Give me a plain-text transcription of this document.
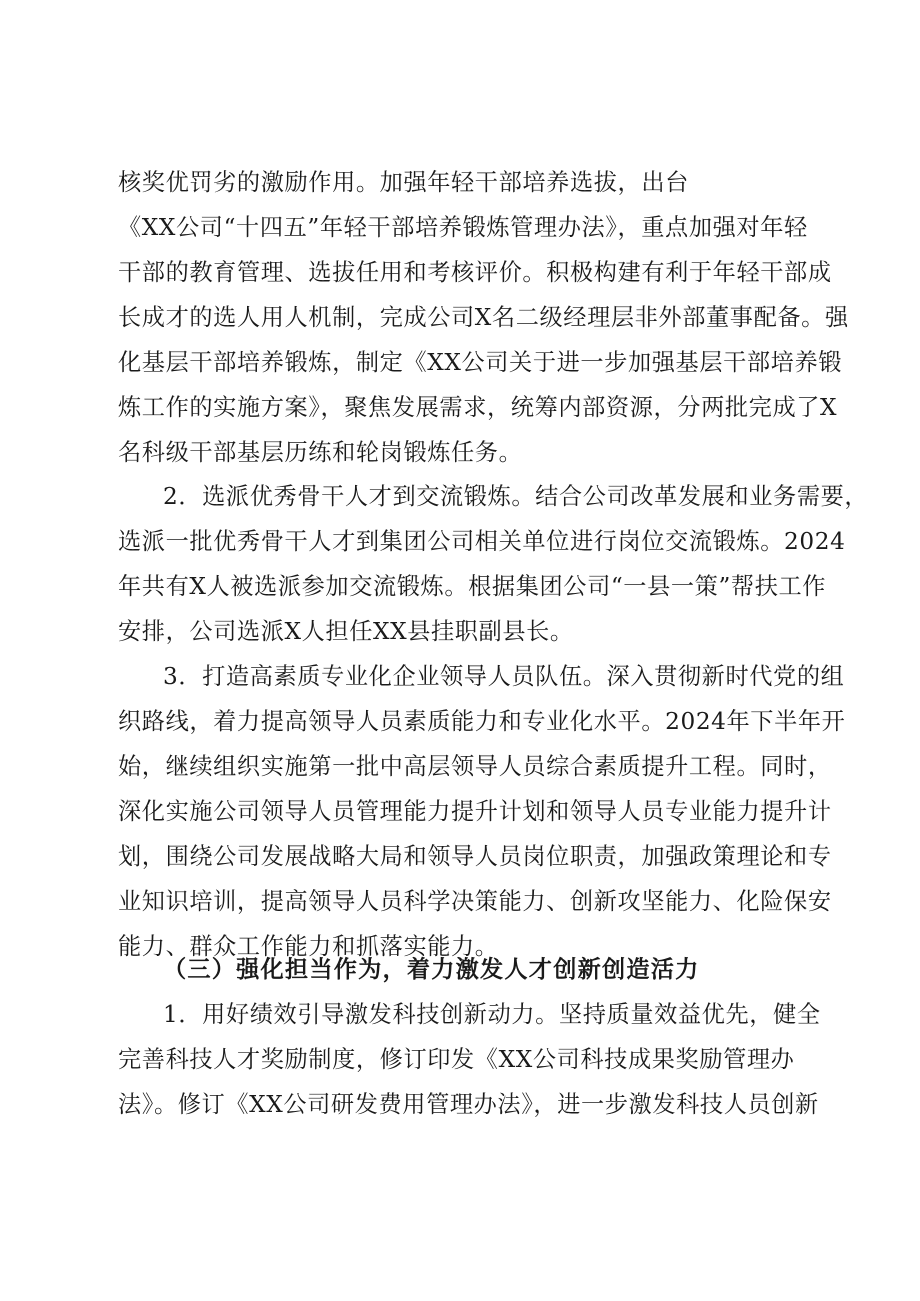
核奖优罚劣的激励作用。加强年轻干部培养选拔，出台
《XX公司“十四五”年轻干部培养锻炼管理办法》，重点加强对年轻
干部的教育管理、选拔任用和考核评价。积极构建有利于年轻干部成
长成才的选人用人机制，完成公司X名二级经理层非外部董事配备。强
化基层干部培养锻炼，制定《XX公司关于进一步加强基层干部培养锻
炼工作的实施方案》，聚焦发展需求，统筹内部资源，分两批完成了X
名科级干部基层历练和轮岗锻炼任务。
2．选派优秀骨干人才到交流锻炼。结合公司改革发展和业务需要，
选派一批优秀骨干人才到集团公司相关单位进行岗位交流锻炼。2024
年共有X人被选派参加交流锻炼。根据集团公司“一县一策”帮扶工作
安排，公司选派X人担任XX县挂职副县长。
3．打造高素质专业化企业领导人员队伍。深入贯彻新时代党的组
织路线，着力提高领导人员素质能力和专业化水平。2024年下半年开
始，继续组织实施第一批中高层领导人员综合素质提升工程。同时，
深化实施公司领导人员管理能力提升计划和领导人员专业能力提升计
划，围绕公司发展战略大局和领导人员岗位职责，加强政策理论和专
业知识培训，提高领导人员科学决策能力、创新攻坚能力、化险保安
能力、群众工作能力和抓落实能力。
（三）强化担当作为，着力激发人才创新创造活力
1．用好绩效引导激发科技创新动力。坚持质量效益优先，健全
完善科技人才奖励制度，修订印发《XX公司科技成果奖励管理办
法》。修订《XX公司研发费用管理办法》，进一步激发科技人员创新
